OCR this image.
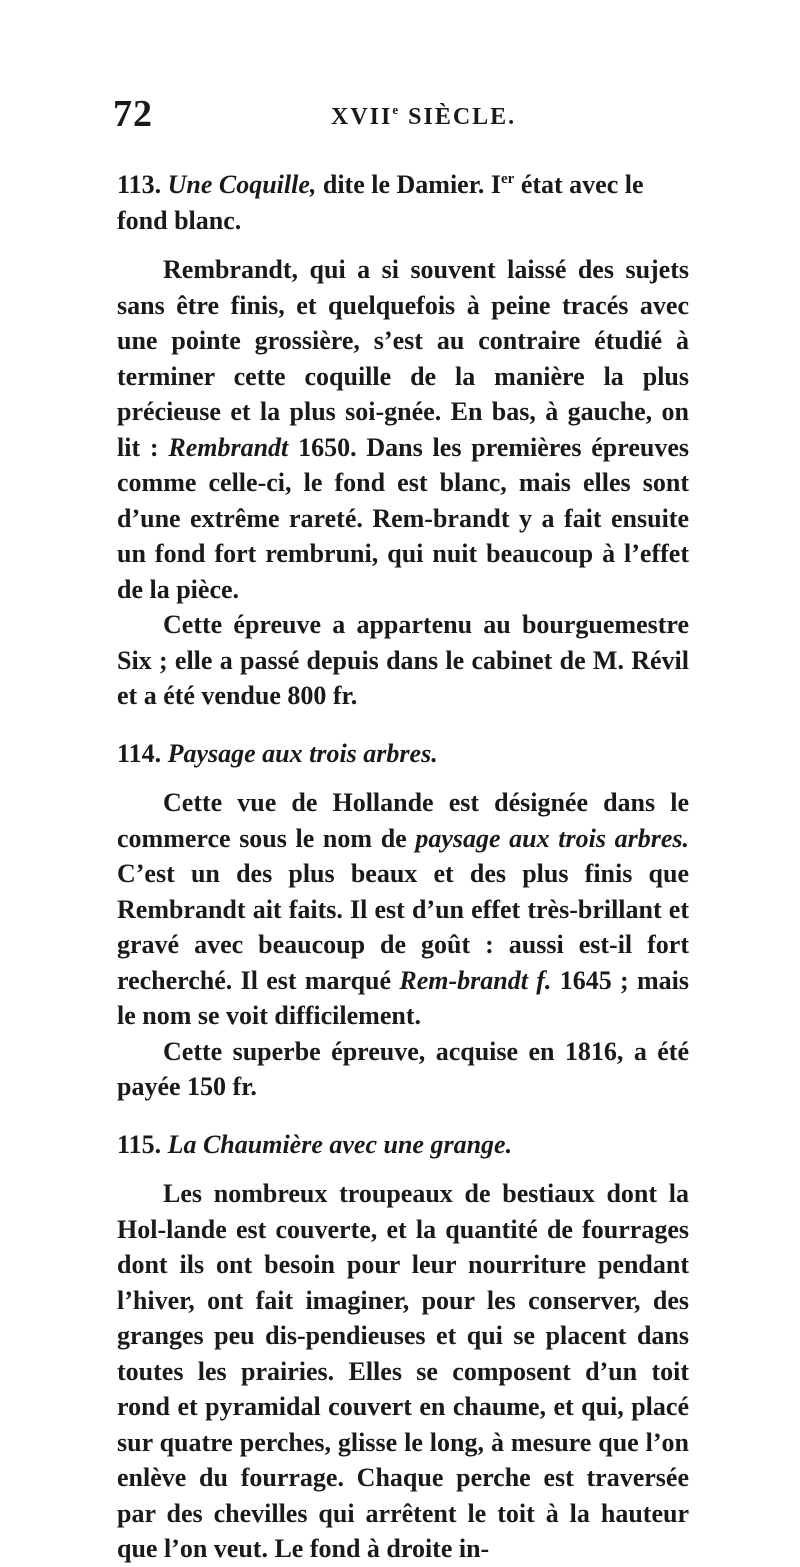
72	XVIIe SIÈCLE.

113. Une Coquille, dite le Damier. Ier état avec le fond blanc.

Rembrandt, qui a si souvent laissé des sujets sans être finis, et quelquefois à peine tracés avec une pointe grossière, s’est au contraire étudié à terminer cette coquille de la manière la plus précieuse et la plus soi-gnée. En bas, à gauche, on lit : Rembrandt 1650. Dans les premières épreuves comme celle-ci, le fond est blanc, mais elles sont d’une extrême rareté. Rem-brandt y a fait ensuite un fond fort rembruni, qui nuit beaucoup à l’effet de la pièce.

Cette épreuve a appartenu au bourguemestre Six ; elle a passé depuis dans le cabinet de M. Révil et a été vendue 800 fr.

114. Paysage aux trois arbres.

Cette vue de Hollande est désignée dans le commerce sous le nom de paysage aux trois arbres. C’est un des plus beaux et des plus finis que Rembrandt ait faits. Il est d’un effet très-brillant et gravé avec beaucoup de goût : aussi est-il fort recherché. Il est marqué Rem-brandt f. 1645 ; mais le nom se voit difficilement.

Cette superbe épreuve, acquise en 1816, a été payée 150 fr.

115. La Chaumière avec une grange.

Les nombreux troupeaux de bestiaux dont la Hol-lande est couverte, et la quantité de fourrages dont ils ont besoin pour leur nourriture pendant l’hiver, ont fait imaginer, pour les conserver, des granges peu dis-pendieuses et qui se placent dans toutes les prairies. Elles se composent d’un toit rond et pyramidal couvert en chaume, et qui, placé sur quatre perches, glisse le long, à mesure que l’on enlève du fourrage. Chaque perche est traversée par des chevilles qui arrêtent le toit à la hauteur que l’on veut. Le fond à droite in-
